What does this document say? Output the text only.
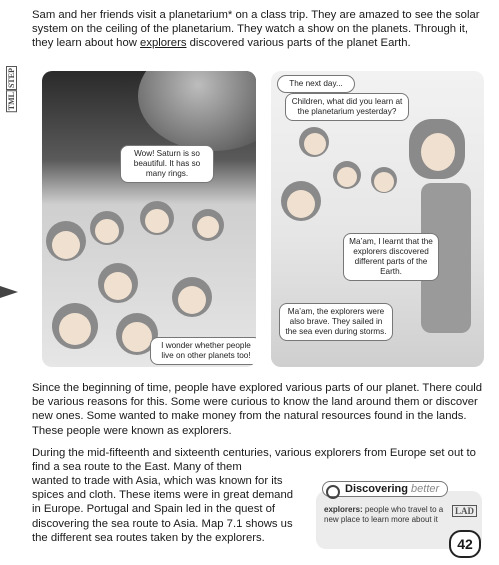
Sam and her friends visit a planetarium* on a class trip. They are amazed to see the solar system on the ceiling of the planetarium. They watch a show on the planets. Through it, they learn about how explorers discovered various parts of the planet Earth.
STEP
TML
Wow! Saturn is so beautiful. It has so many rings.
I wonder whether people live on other planets too!
The next day...
Children, what did you learn at the planetarium yesterday?
Ma’am, I learnt that the explorers discovered different parts of the Earth.
Ma’am, the explorers were also brave. They sailed in the sea even during storms.
Since the beginning of time, people have explored various parts of our planet. There could be various reasons for this. Some were curious to know the land around them or discover new ones. Some wanted to make money from the natural resources found in the lands. These people were known as explorers.
During the mid-fifteenth and sixteenth centuries, various explorers from Europe set out to find a sea route to the East. Many of them
wanted to trade with Asia, which was known for its spices and cloth. These items were in great demand in Europe. Portugal and Spain led in the quest of discovering the sea route to Asia. Map 7.1 shows us the different sea routes taken by the explorers.
Discovering better
explorers: people who travel to a new place to learn more about it
LAD
42
